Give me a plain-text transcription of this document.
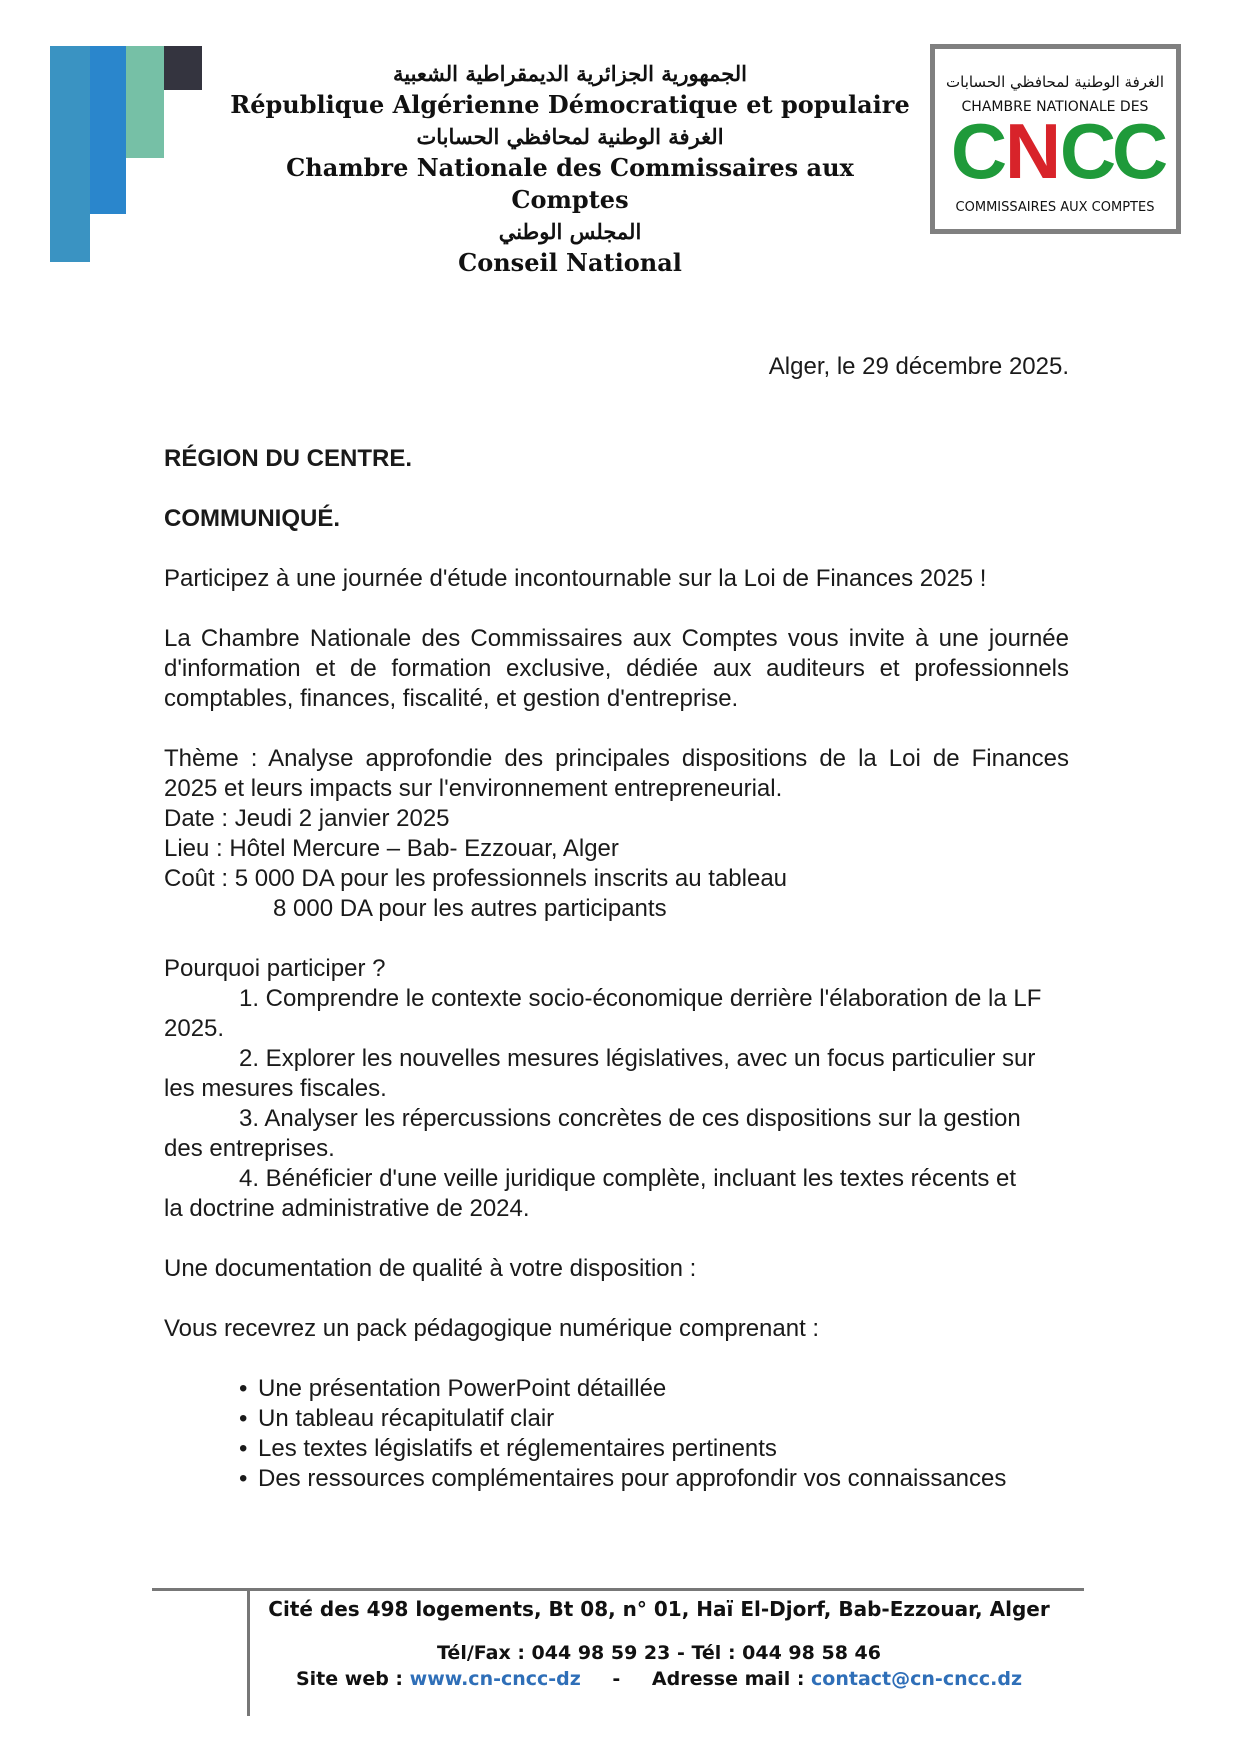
الجمهورية الجزائرية الديمقراطية الشعبية
République Algérienne Démocratique et populaire
الغرفة الوطنية لمحافظي الحسابات
Chambre Nationale des Commissaires aux Comptes
المجلس الوطني
Conseil National
الغرفة الوطنية لمحافظي الحسابات
CHAMBRE NATIONALE DES
C
N
C
C
COMMISSAIRES AUX COMPTES
Alger, le 29 décembre 2025.
RÉGION DU CENTRE.
COMMUNIQUÉ.
Participez à une journée d'étude incontournable sur la Loi de Finances 2025 !
La Chambre Nationale des Commissaires aux Comptes vous invite à une journée d'information et de formation exclusive, dédiée aux auditeurs et professionnels comptables, finances, fiscalité, et gestion d'entreprise.
Thème : Analyse approfondie des principales dispositions de la Loi de Finances 2025 et leurs impacts sur l'environnement entrepreneurial.
Date : Jeudi 2 janvier 2025
Lieu : Hôtel Mercure – Bab- Ezzouar, Alger
Coût : 5 000 DA pour les professionnels inscrits au tableau
8 000 DA pour les autres participants
Pourquoi participer ?
1. Comprendre le contexte socio-économique derrière l'élaboration de la LF
2025.
2. Explorer les nouvelles mesures législatives, avec un focus particulier sur
les mesures fiscales.
3. Analyser les répercussions concrètes de ces dispositions sur la gestion
des entreprises.
4. Bénéficier d'une veille juridique complète, incluant les textes récents et
la doctrine administrative de 2024.
Une documentation de qualité à votre disposition :
Vous recevrez un pack pédagogique numérique comprenant :
• Une présentation PowerPoint détaillée
• Un tableau récapitulatif clair
• Les textes législatifs et réglementaires pertinents
• Des ressources complémentaires pour approfondir vos connaissances
Cité des 498 logements, Bt 08, n° 01, Haï El-Djorf, Bab-Ezzouar, Alger
Tél/Fax : 044 98 59 23 - Tél : 044 98 58 46
Site web : www.cn-cncc-dz - Adresse mail : contact@cn-cncc.dz
